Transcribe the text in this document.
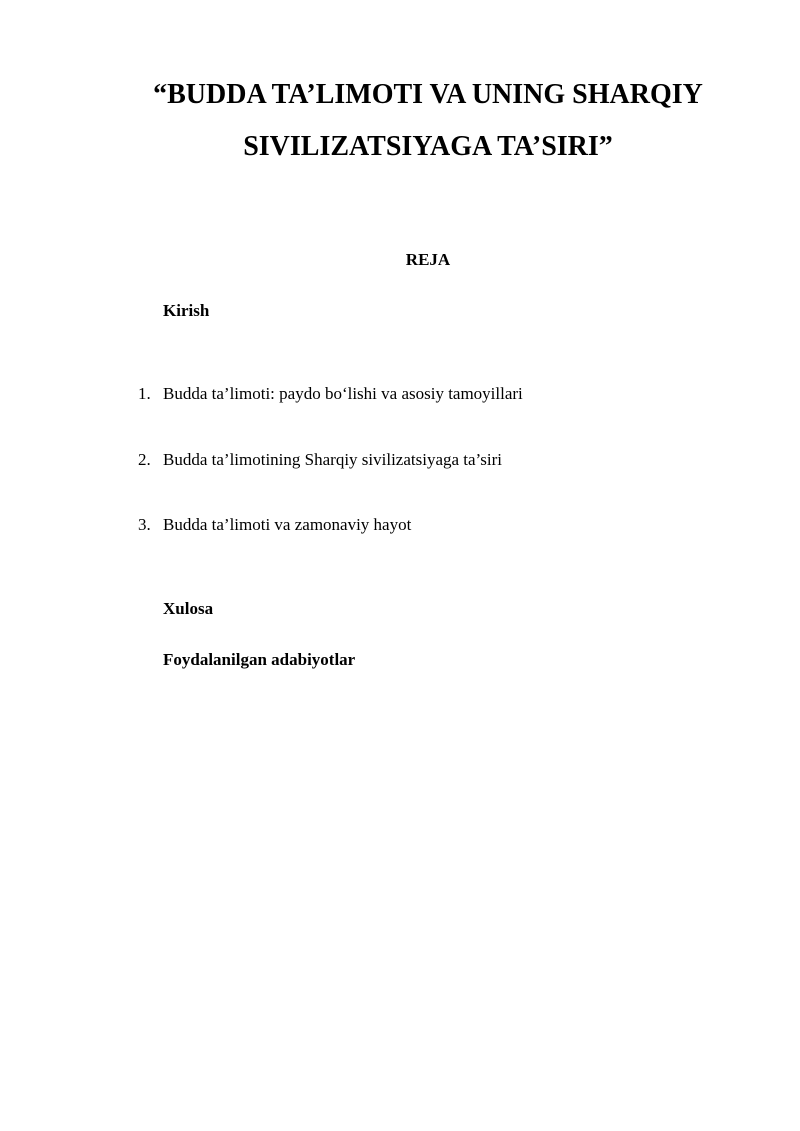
“BUDDA TA’LIMOTI VA UNING SHARQIY
SIVILIZATSIYAGA TA’SIRI”
REJA
Kirish
1. Budda ta’limoti: paydo bo‘lishi va asosiy tamoyillari
2. Budda ta’limotining Sharqiy sivilizatsiyaga ta’siri
3. Budda ta’limoti va zamonaviy hayot
Xulosa
Foydalanilgan adabiyotlar
